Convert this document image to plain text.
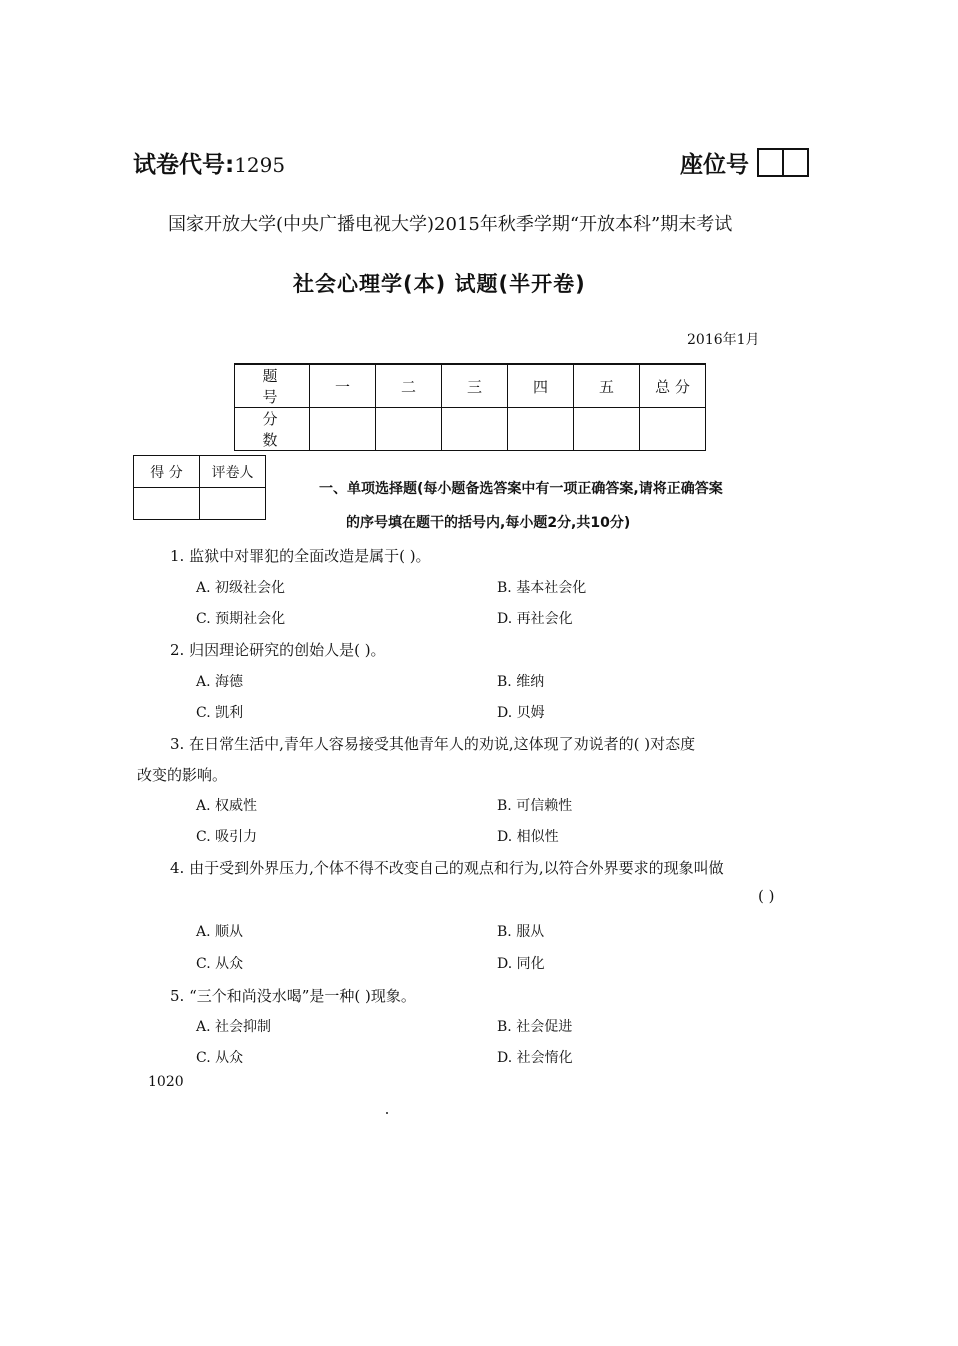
试卷代号:1295	座位号
国家开放大学(中央广播电视大学)2015年秋季学期“开放本科”期末考试
社会心理学(本) 试题(半开卷)
2016年1月
题 号	一	二	三	四	五	总 分
分 数						
得 分	评卷人

一、单项选择题(每小题备选答案中有一项正确答案,请将正确答案
的序号填在题干的括号内,每小题2分,共10分)
1. 监狱中对罪犯的全面改造是属于( )。
A. 初级社会化	B. 基本社会化
C. 预期社会化	D. 再社会化
2. 归因理论研究的创始人是( )。
A. 海德	B. 维纳
C. 凯利	D. 贝姆
3. 在日常生活中,青年人容易接受其他青年人的劝说,这体现了劝说者的( )对态度
改变的影响。
A. 权威性	B. 可信赖性
C. 吸引力	D. 相似性
4. 由于受到外界压力,个体不得不改变自己的观点和行为,以符合外界要求的现象叫做
( )
A. 顺从	B. 服从
C. 从众	D. 同化
5. “三个和尚没水喝”是一种( )现象。
A. 社会抑制	B. 社会促进
C. 从众	D. 社会惰化
1020
